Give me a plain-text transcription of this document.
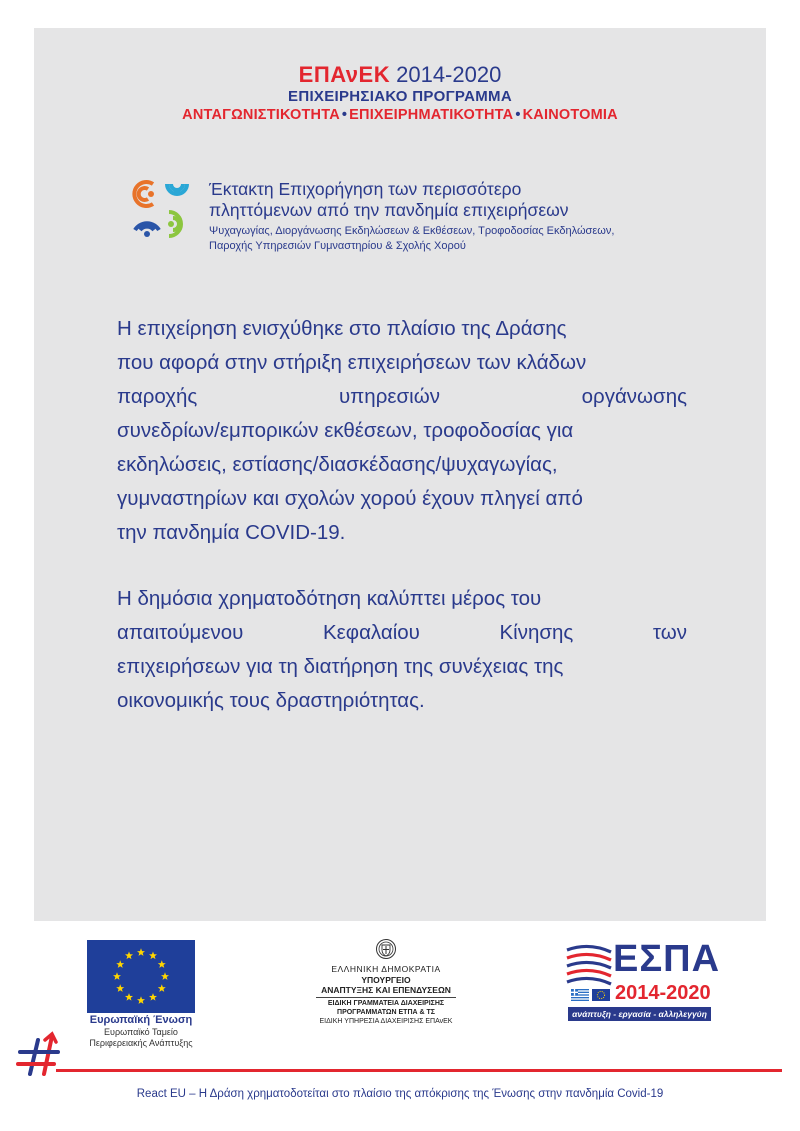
ΕΠΑνΕΚ 2014-2020
ΕΠΙΧΕΙΡΗΣΙΑΚΟ ΠΡΟΓΡΑΜΜΑ
ΑΝΤΑΓΩΝΙΣΤΙΚΟΤΗΤΑ • ΕΠΙΧΕΙΡΗΜΑΤΙΚΟΤΗΤΑ • ΚΑΙΝΟΤΟΜΙΑ
Έκτακτη Επιχορήγηση των περισσότερο
πληττόμενων από την πανδημία επιχειρήσεων
Ψυχαγωγίας, Διοργάνωσης Εκδηλώσεων & Εκθέσεων, Τροφοδοσίας Εκδηλώσεων,
Παροχής Υπηρεσιών Γυμναστηρίου & Σχολής Χορού
Η επιχείρηση ενισχύθηκε στο πλαίσιο της Δράσης
που αφορά στην στήριξη επιχειρήσεων των κλάδων
παροχής υπηρεσιών οργάνωσης
συνεδρίων/εμπορικών εκθέσεων, τροφοδοσίας για
εκδηλώσεις, εστίασης/διασκέδασης/ψυχαγωγίας,
γυμναστηρίων και σχολών χορού έχουν πληγεί από
την πανδημία COVID-19.
Η δημόσια χρηματοδότηση καλύπτει μέρος του
απαιτούμενου Κεφαλαίου Κίνησης των
επιχειρήσεων για τη διατήρηση της συνέχειας της
οικονομικής τους δραστηριότητας.
Ευρωπαϊκή Ένωση
Ευρωπαϊκό Ταμείο
Περιφερειακής Ανάπτυξης
ΕΛΛΗΝΙΚΗ ΔΗΜΟΚΡΑΤΙΑ
ΥΠΟΥΡΓΕΙΟ
ΑΝΑΠΤΥΞΗΣ ΚΑΙ ΕΠΕΝΔΥΣΕΩΝ
ΕΙΔΙΚΗ ΓΡΑΜΜΑΤΕΙΑ ΔΙΑΧΕΙΡΙΣΗΣ
ΠΡΟΓΡΑΜΜΑΤΩΝ ΕΤΠΑ & ΤΣ
ΕΙΔΙΚΗ ΥΠΗΡΕΣΙΑ ΔΙΑΧΕΙΡΙΣΗΣ ΕΠΑνΕΚ
ΕΣΠΑ
2014-2020
ανάπτυξη - εργασία - αλληλεγγύη
React EU – Η Δράση χρηματοδοτείται στο πλαίσιο της απόκρισης της Ένωσης στην πανδημία Covid-19
